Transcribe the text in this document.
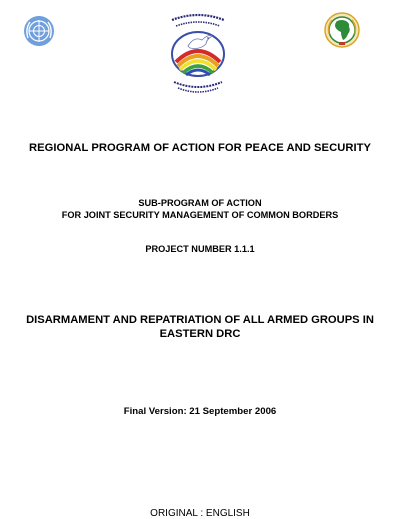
REGIONAL PROGRAM OF ACTION FOR PEACE AND SECURITY
SUB-PROGRAM OF ACTION
FOR JOINT SECURITY MANAGEMENT OF COMMON BORDERS
PROJECT NUMBER 1.1.1
DISARMAMENT AND REPATRIATION OF ALL ARMED GROUPS IN
EASTERN DRC
Final Version: 21 September 2006
ORIGINAL : ENGLISH
